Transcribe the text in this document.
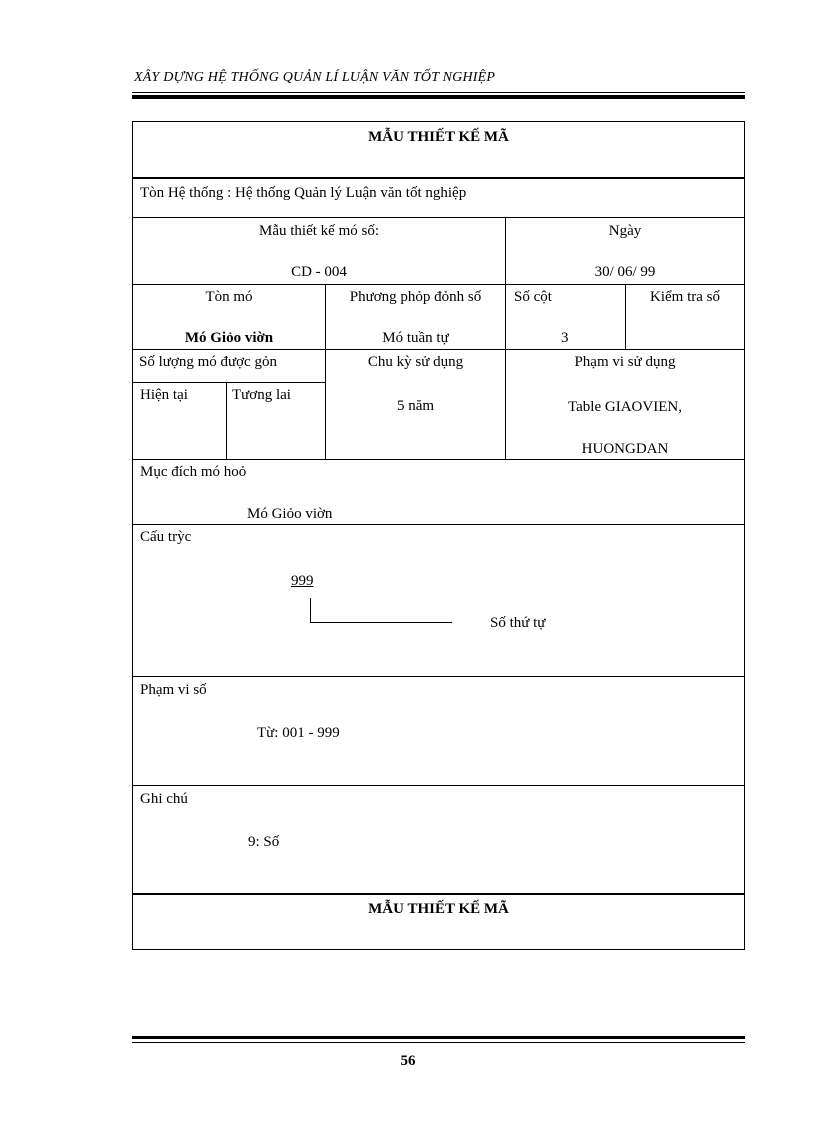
XÂY DỰNG HỆ THỐNG QUẢN LÍ LUẬN VĂN TỐT NGHIỆP
MẪU THIẾT KẾ MÃ
Tòn Hệ thống : Hệ thống Quản lý Luận văn tốt nghiệp
Mẫu thiết kế mó số:
CD - 004
Ngày
30/ 06/ 99
Tòn mó
Mó Giỏo viờn
Phương phỏp đỏnh số
Mó tuần tự
Số cột
3
Kiểm tra số
Số lượng mó được gỏn
Hiện tại	Tương lai
Chu kỳ sử dụng
5 năm
Phạm vi sử dụng
Table GIAOVIEN,
HUONGDAN
Mục đích mó hoỏ
Mó Giỏo viờn
Cấu trỳc
999
Số thứ tự
Phạm vi số
Từ: 001 - 999
Ghi chú
9: Số
MẪU THIẾT KẾ MÃ
56
